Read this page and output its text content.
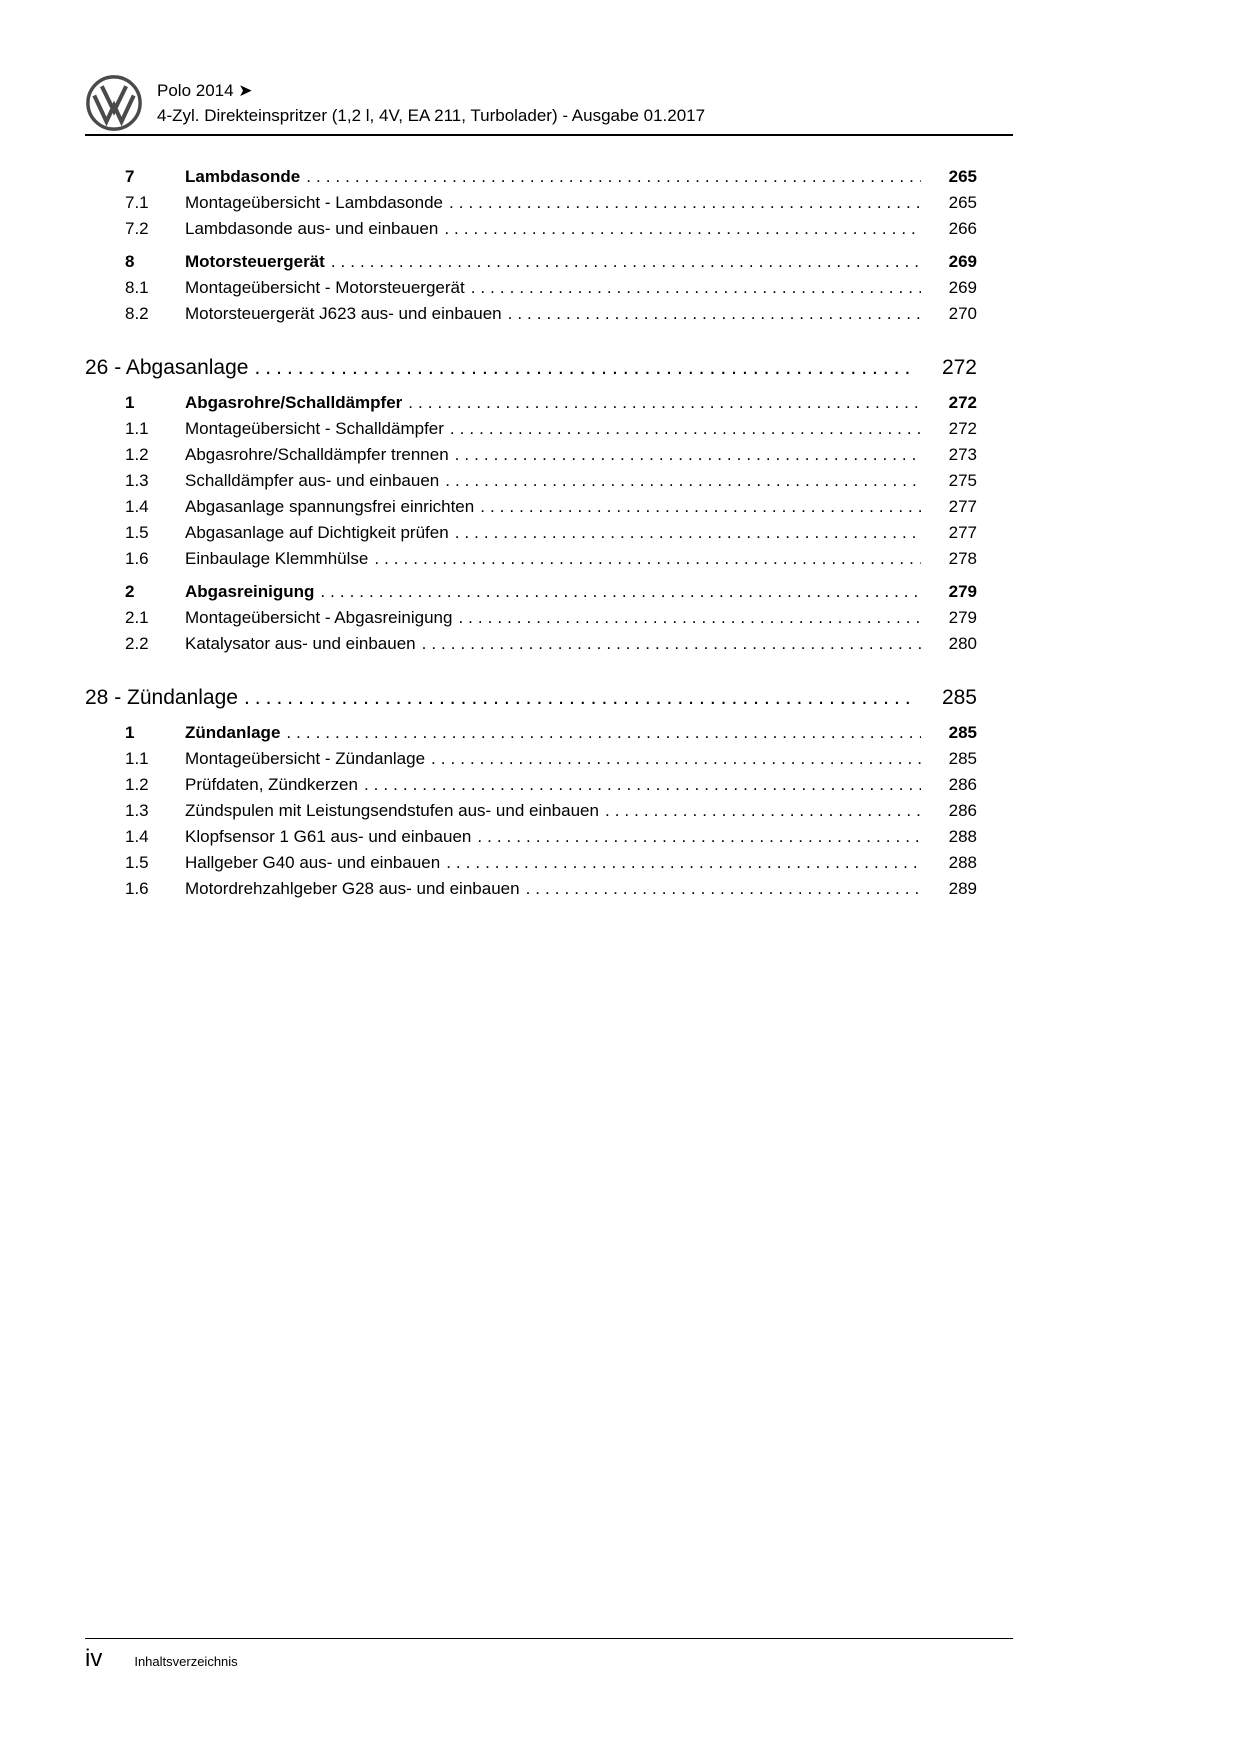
Polo 2014 ➤
4-Zyl. Direkteinspritzer (1,2 l, 4V, EA 211, Turbolader) - Ausgabe 01.2017
7	Lambdasonde .....	265
7.1	Montageübersicht - Lambdasonde .....	265
7.2	Lambdasonde aus- und einbauen .....	266
8	Motorsteuergerät .....	269
8.1	Montageübersicht - Motorsteuergerät .....	269
8.2	Motorsteuergerät J623 aus- und einbauen .....	270
26 - Abgasanlage .....	272
1	Abgasrohre/Schalldämpfer .....	272
1.1	Montageübersicht - Schalldämpfer .....	272
1.2	Abgasrohre/Schalldämpfer trennen .....	273
1.3	Schalldämpfer aus- und einbauen .....	275
1.4	Abgasanlage spannungsfrei einrichten .....	277
1.5	Abgasanlage auf Dichtigkeit prüfen .....	277
1.6	Einbaulage Klemmhülse .....	278
2	Abgasreinigung .....	279
2.1	Montageübersicht - Abgasreinigung .....	279
2.2	Katalysator aus- und einbauen .....	280
28 - Zündanlage .....	285
1	Zündanlage .....	285
1.1	Montageübersicht - Zündanlage .....	285
1.2	Prüfdaten, Zündkerzen .....	286
1.3	Zündspulen mit Leistungsendstufen aus- und einbauen .....	286
1.4	Klopfsensor 1 G61 aus- und einbauen .....	288
1.5	Hallgeber G40 aus- und einbauen .....	288
1.6	Motordrehzahlgeber G28 aus- und einbauen .....	289
iv Inhaltsverzeichnis
